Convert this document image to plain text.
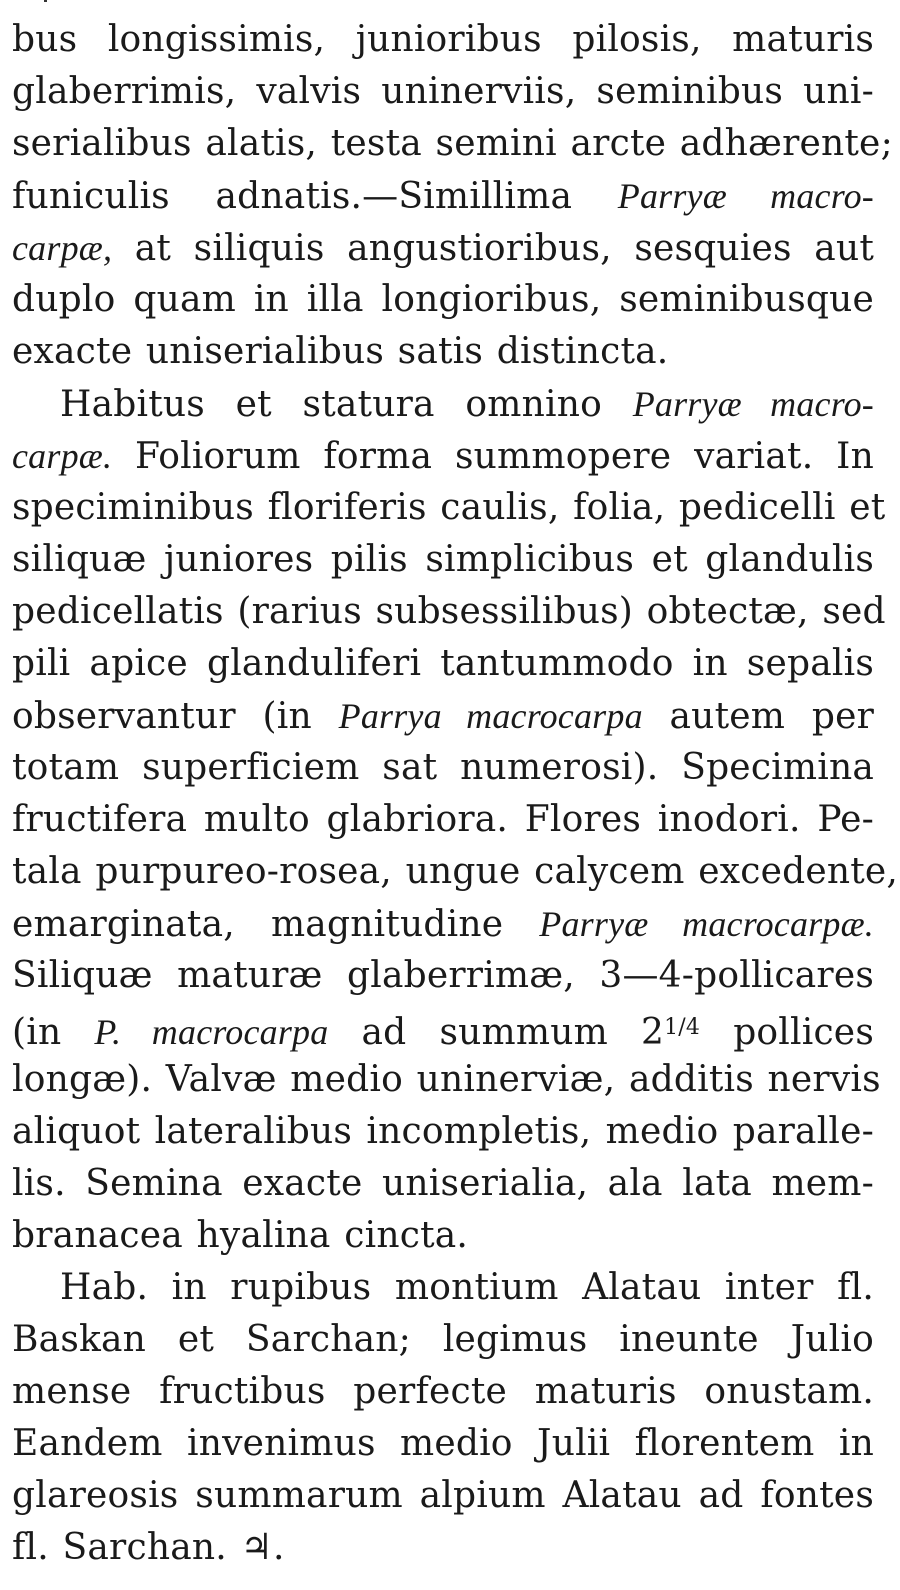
bus longissimis, junioribus pilosis, maturis
glaberrimis, valvis uninerviis, seminibus uni-
serialibus alatis, testa semini arcte adhærente;
funiculis adnatis.—Simillima Parryæ macro-
carpæ, at siliquis angustioribus, sesquies aut
duplo quam in illa longioribus, seminibusque
exacte uniserialibus satis distincta.
Habitus et statura omnino Parryæ macro-
carpæ. Foliorum forma summopere variat. In
speciminibus floriferis caulis, folia, pedicelli et
siliquæ juniores pilis simplicibus et glandulis
pedicellatis (rarius subsessilibus) obtectæ, sed
pili apice glanduliferi tantummodo in sepalis
observantur (in Parrya macrocarpa autem per
totam superficiem sat numerosi). Specimina
fructifera multo glabriora. Flores inodori. Pe-
tala purpureo-rosea, ungue calycem excedente,
emarginata, magnitudine Parryæ macrocarpæ.
Siliquæ maturæ glaberrimæ, 3—4-pollicares
(in P. macrocarpa ad summum $2^{1/4}$ pollices
longæ). Valvæ medio uninerviæ, additis nervis
aliquot lateralibus incompletis, medio paralle-
lis. Semina exacte uniserialia, ala lata mem-
branacea hyalina cincta.
Hab. in rupibus montium Alatau inter fl.
Baskan et Sarchan; legimus ineunte Julio
mense fructibus perfecte maturis onustam.
Eandem invenimus medio Julii florentem in
glareosis summarum alpium Alatau ad fontes
fl. Sarchan. ♃.
